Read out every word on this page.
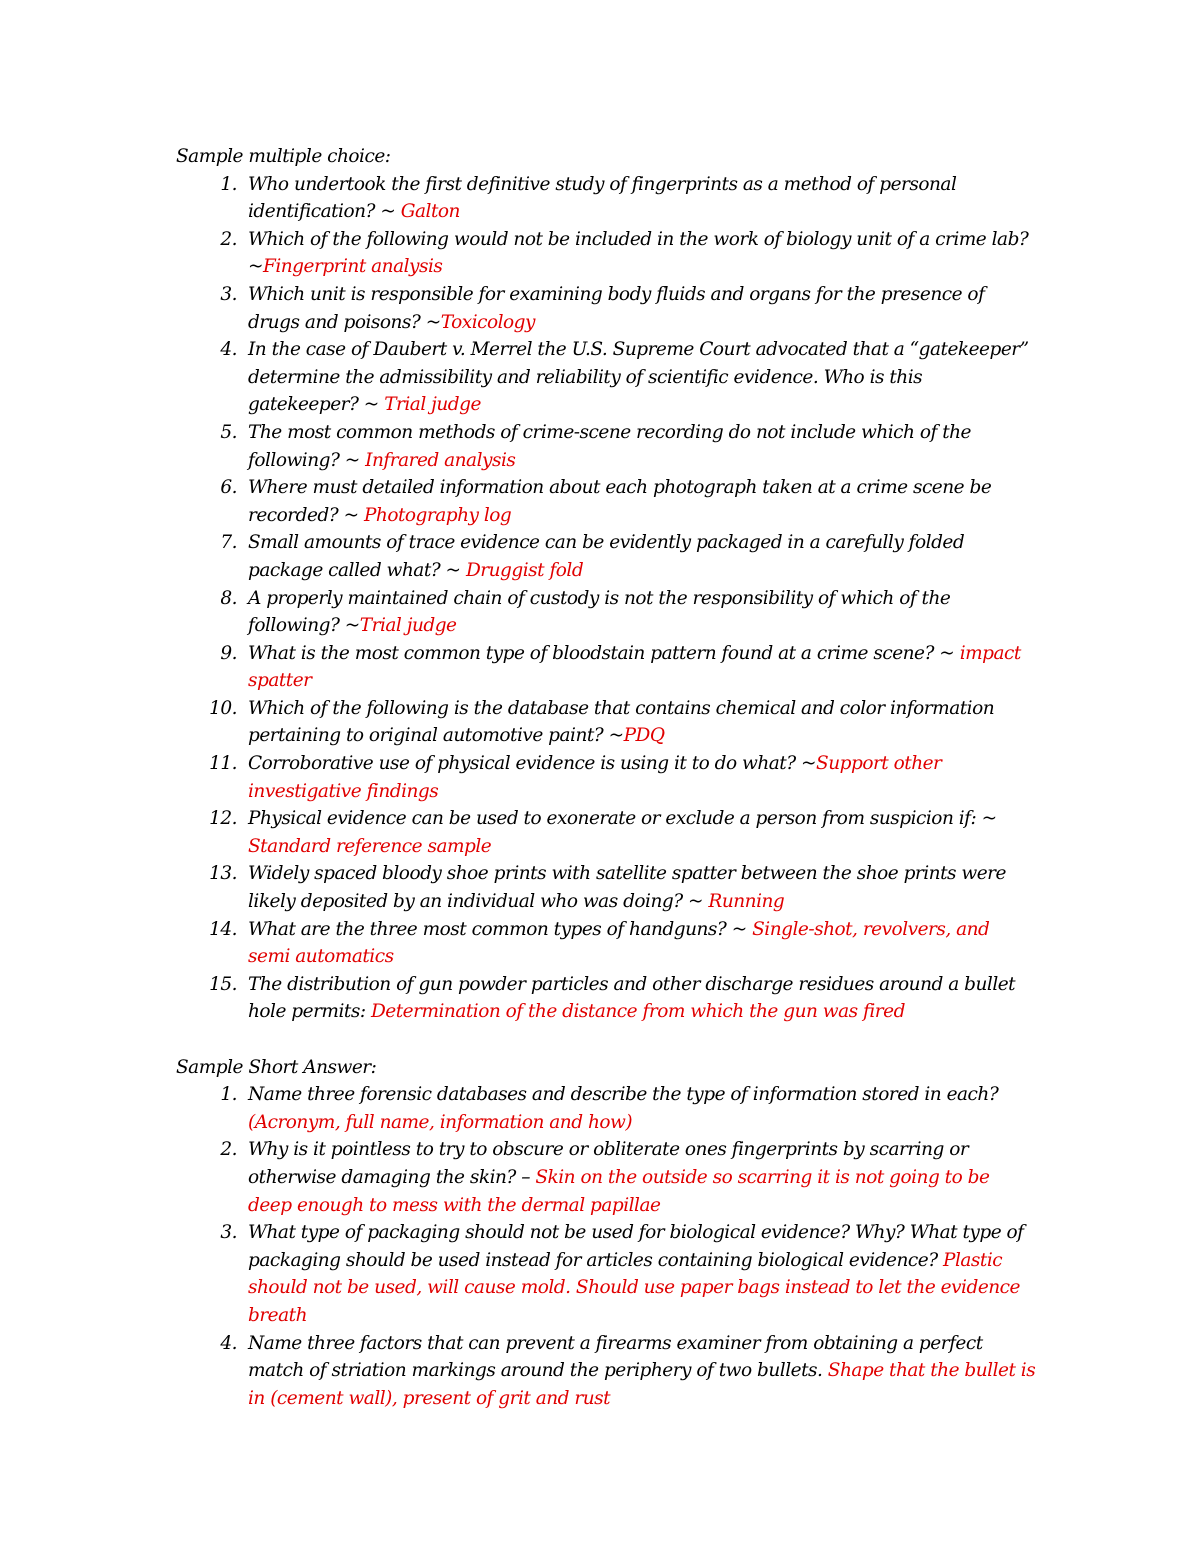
Sample multiple choice:

1. Who undertook the first definitive study of fingerprints as a method of personal identification? ~ Galton
2. Which of the following would not be included in the work of biology unit of a crime lab? ~Fingerprint analysis
3. Which unit is responsible for examining body fluids and organs for the presence of drugs and poisons? ~Toxicology
4. In the case of Daubert v. Merrel the U.S. Supreme Court advocated that a “gatekeeper” determine the admissibility and reliability of scientific evidence. Who is this gatekeeper? ~ Trial judge
5. The most common methods of crime-scene recording do not include which of the following? ~ Infrared analysis
6. Where must detailed information about each photograph taken at a crime scene be recorded? ~ Photography log
7. Small amounts of trace evidence can be evidently packaged in a carefully folded package called what? ~ Druggist fold
8. A properly maintained chain of custody is not the responsibility of which of the following? ~Trial judge
9. What is the most common type of bloodstain pattern found at a crime scene? ~ impact spatter
10. Which of the following is the database that contains chemical and color information pertaining to original automotive paint? ~PDQ
11. Corroborative use of physical evidence is using it to do what? ~Support other investigative findings
12. Physical evidence can be used to exonerate or exclude a person from suspicion if: ~ Standard reference sample
13. Widely spaced bloody shoe prints with satellite spatter between the shoe prints were likely deposited by an individual who was doing? ~ Running
14. What are the three most common types of handguns? ~ Single-shot, revolvers, and semi automatics
15. The distribution of gun powder particles and other discharge residues around a bullet hole permits: Determination of the distance from which the gun was fired

Sample Short Answer:

1. Name three forensic databases and describe the type of information stored in each? (Acronym, full name, information and how)
2. Why is it pointless to try to obscure or obliterate ones fingerprints by scarring or otherwise damaging the skin? – Skin on the outside so scarring it is not going to be deep enough to mess with the dermal papillae
3. What type of packaging should not be used for biological evidence? Why? What type of packaging should be used instead for articles containing biological evidence? Plastic should not be used, will cause mold. Should use paper bags instead to let the evidence breath
4. Name three factors that can prevent a firearms examiner from obtaining a perfect match of striation markings around the periphery of two bullets. Shape that the bullet is in (cement wall), present of grit and rust
